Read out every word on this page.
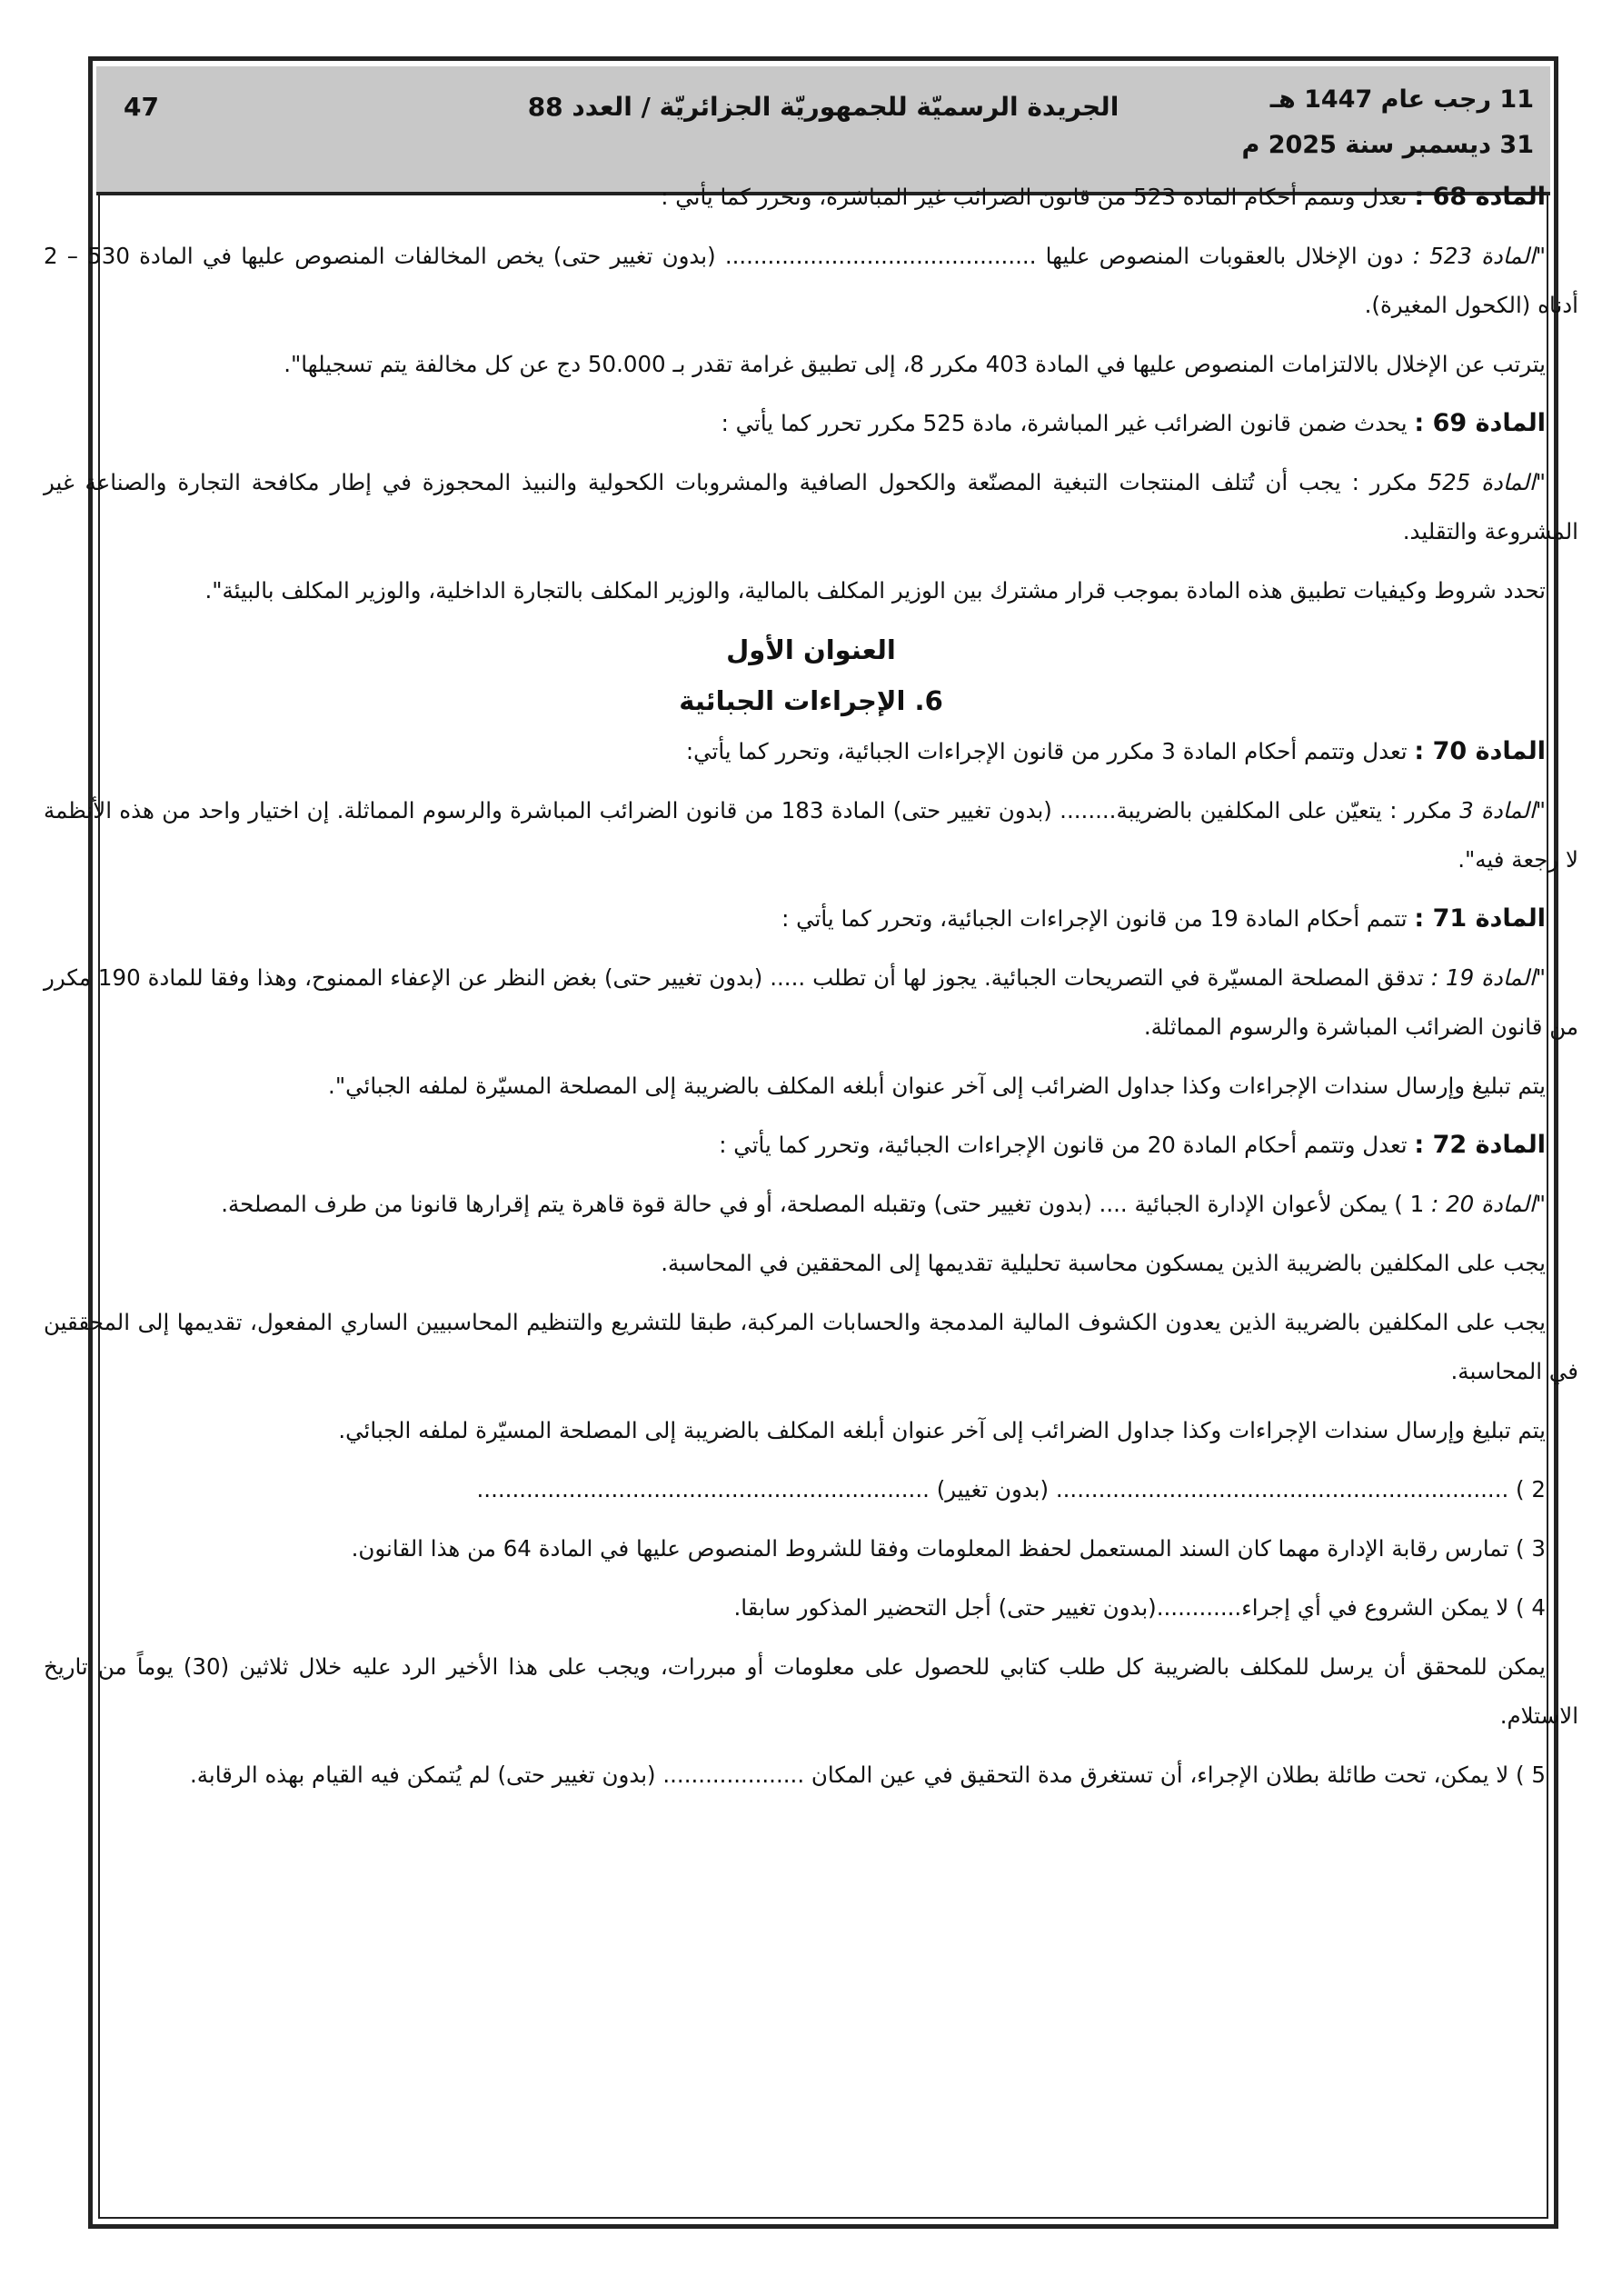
11 رجب عام 1447 هـ
31 ديسمبر سنة 2025 م
الجريدة الرسميّة للجمهوريّة الجزائريّة / العدد 88
47

المادة 68 : تعدل وتتمم أحكام المادة 523 من قانون الضرائب غير المباشرة، وتحرر كما يأتي :

"المادة 523 : دون الإخلال بالعقوبات المنصوص عليها ............................................ (بدون تغيير حتى) يخص المخالفات المنصوص عليها في المادة 530 – 2 أدناه (الكحول المغيرة).

يترتب عن الإخلال بالالتزامات المنصوص عليها في المادة 403 مكرر 8، إلى تطبيق غرامة تقدر بـ 50.000 دج عن كل مخالفة يتم تسجيلها".

المادة 69 : يحدث ضمن قانون الضرائب غير المباشرة، مادة 525 مكرر تحرر كما يأتي :

"المادة 525 مكرر : يجب أن تُتلف المنتجات التبغية المصنّعة والكحول الصافية والمشروبات الكحولية والنبيذ المحجوزة في إطار مكافحة التجارة والصناعة غير المشروعة والتقليد.

تحدد شروط وكيفيات تطبيق هذه المادة بموجب قرار مشترك بين الوزير المكلف بالمالية، والوزير المكلف بالتجارة الداخلية، والوزير المكلف بالبيئة".

العنوان الأول

6. الإجراءات الجبائية

المادة 70 : تعدل وتتمم أحكام المادة 3 مكرر من قانون الإجراءات الجبائية، وتحرر كما يأتي:

"المادة 3 مكرر : يتعيّن على المكلفين بالضريبة........ (بدون تغيير حتى) المادة 183 من قانون الضرائب المباشرة والرسوم المماثلة. إن اختيار واحد من هذه الأنظمة لا رجعة فيه".

المادة 71 : تتمم أحكام المادة 19 من قانون الإجراءات الجبائية، وتحرر كما يأتي :

"المادة 19 : تدقق المصلحة المسيّرة في التصريحات الجبائية. يجوز لها أن تطلب ..... (بدون تغيير حتى) بغض النظر عن الإعفاء الممنوح، وهذا وفقا للمادة 190 مكرر من قانون الضرائب المباشرة والرسوم المماثلة.

يتم تبليغ وإرسال سندات الإجراءات وكذا جداول الضرائب إلى آخر عنوان أبلغه المكلف بالضريبة إلى المصلحة المسيّرة لملفه الجبائي".

المادة 72 : تعدل وتتمم أحكام المادة 20 من قانون الإجراءات الجبائية، وتحرر كما يأتي :

"المادة 20 : 1 ) يمكن لأعوان الإدارة الجبائية .... (بدون تغيير حتى) وتقبله المصلحة، أو في حالة قوة قاهرة يتم إقرارها قانونا من طرف المصلحة.

يجب على المكلفين بالضريبة الذين يمسكون محاسبة تحليلية تقديمها إلى المحققين في المحاسبة.

يجب على المكلفين بالضريبة الذين يعدون الكشوف المالية المدمجة والحسابات المركبة، طبقا للتشريع والتنظيم المحاسبيين الساري المفعول، تقديمها إلى المحققين في المحاسبة.

يتم تبليغ وإرسال سندات الإجراءات وكذا جداول الضرائب إلى آخر عنوان أبلغه المكلف بالضريبة إلى المصلحة المسيّرة لملفه الجبائي.

2 ) ................................................................ (بدون تغيير) ................................................................

3 ) تمارس رقابة الإدارة مهما كان السند المستعمل لحفظ المعلومات وفقا للشروط المنصوص عليها في المادة 64 من هذا القانون.

4 ) لا يمكن الشروع في أي إجراء............(بدون تغيير حتى) أجل التحضير المذكور سابقا.

يمكن للمحقق أن يرسل للمكلف بالضريبة كل طلب كتابي للحصول على معلومات أو مبررات، ويجب على هذا الأخير الرد عليه خلال ثلاثين (30) يوماً من تاريخ الاستلام.

5 ) لا يمكن، تحت طائلة بطلان الإجراء، أن تستغرق مدة التحقيق في عين المكان .................... (بدون تغيير حتى) لم يُتمكن فيه القيام بهذه الرقابة.
